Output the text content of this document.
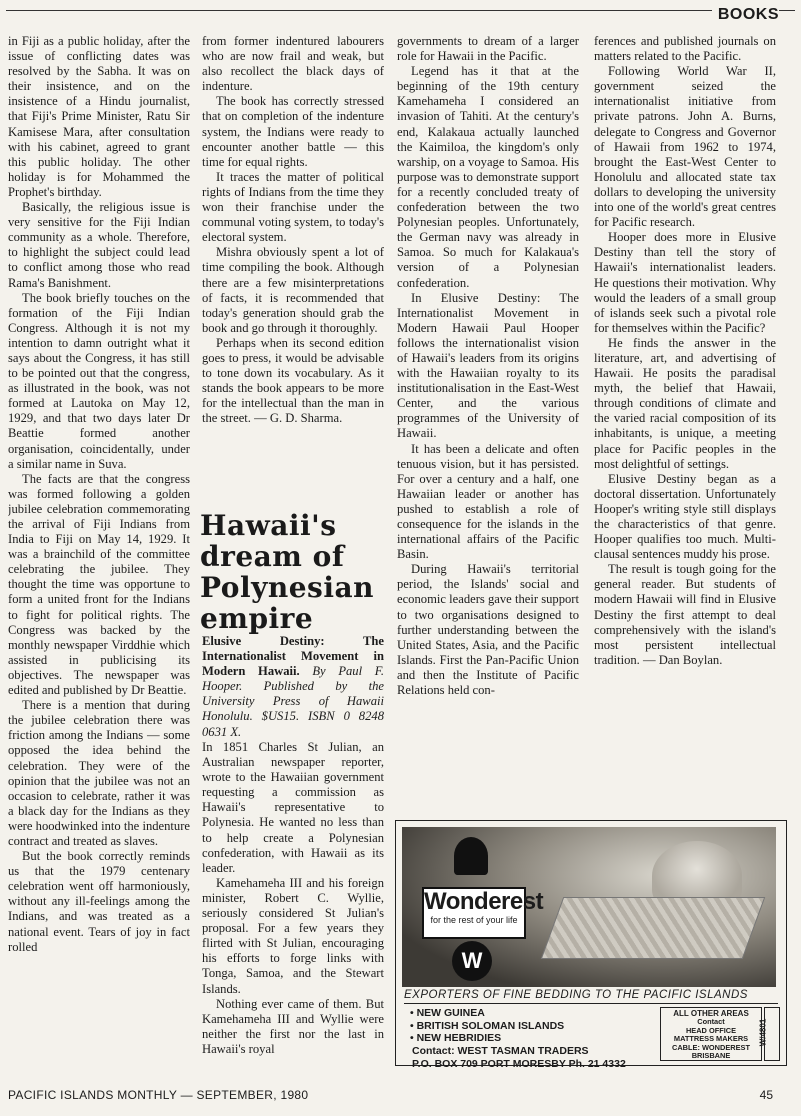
BOOKS

in Fiji as a public holiday, after the issue of conflicting dates was resolved by the Sabha. It was on their insistence, and on the insistence of a Hindu journalist, that Fiji's Prime Minister, Ratu Sir Kamisese Mara, after consultation with his cabinet, agreed to grant this public holiday. The other holiday is for Mohammed the Prophet's birthday.

Basically, the religious issue is very sensitive for the Fiji Indian community as a whole. Therefore, to highlight the subject could lead to conflict among those who read Rama's Banishment.

The book briefly touches on the formation of the Fiji Indian Congress. Although it is not my intention to damn outright what it says about the Congress, it has still to be pointed out that the congress, as illustrated in the book, was not formed at Lautoka on May 12, 1929, and that two days later Dr Beattie formed another organisation, coincidentally, under a similar name in Suva.

The facts are that the congress was formed following a golden jubilee celebration commemorating the arrival of Fiji Indians from India to Fiji on May 14, 1929. It was a brainchild of the committee celebrating the jubilee. They thought the time was opportune to form a united front for the Indians to fight for political rights. The Congress was backed by the monthly newspaper Virddhie which assisted in publicising its objectives. The newspaper was edited and published by Dr Beattie.

There is a mention that during the jubilee celebration there was friction among the Indians — some opposed the idea behind the celebration. They were of the opinion that the jubilee was not an occasion to celebrate, rather it was a black day for the Indians as they were hoodwinked into the indenture contract and treated as slaves.

But the book correctly reminds us that the 1979 centenary celebration went off harmoniously, without any ill-feelings among the Indians, and was treated as a national event. Tears of joy in fact rolled

from former indentured labourers who are now frail and weak, but also recollect the black days of indenture.

The book has correctly stressed that on completion of the indenture system, the Indians were ready to encounter another battle — this time for equal rights.

It traces the matter of political rights of Indians from the time they won their franchise under the communal voting system, to today's electoral system.

Mishra obviously spent a lot of time compiling the book. Although there are a few misinterpretations of facts, it is recommended that today's generation should grab the book and go through it thoroughly.

Perhaps when its second edition goes to press, it would be advisable to tone down its vocabulary. As it stands the book appears to be more for the intellectual than the man in the street. — G. D. Sharma.

Hawaii's dream of Polynesian empire

Elusive Destiny: The Internationalist Movement in Modern Hawaii. By Paul F. Hooper. Published by the University Press of Hawaii Honolulu. $US15. ISBN 0 8248 0631 X.

In 1851 Charles St Julian, an Australian newspaper reporter, wrote to the Hawaiian government requesting a commission as Hawaii's representative to Polynesia. He wanted no less than to help create a Polynesian confederation, with Hawaii as its leader.

Kamehameha III and his foreign minister, Robert C. Wyllie, seriously considered St Julian's proposal. For a few years they flirted with St Julian, encouraging his efforts to forge links with Tonga, Samoa, and the Stewart Islands.

Nothing ever came of them. But Kamehameha III and Wyllie were neither the first nor the last in Hawaii's royal

governments to dream of a larger role for Hawaii in the Pacific.

Legend has it that at the beginning of the 19th century Kamehameha I considered an invasion of Tahiti. At the century's end, Kalakaua actually launched the Kaimiloa, the kingdom's only warship, on a voyage to Samoa. His purpose was to demonstrate support for a recently concluded treaty of confederation between the two Polynesian peoples. Unfortunately, the German navy was already in Samoa. So much for Kalakaua's version of a Polynesian confederation.

In Elusive Destiny: The Internationalist Movement in Modern Hawaii Paul Hooper follows the internationalist vision of Hawaii's leaders from its origins with the Hawaiian royalty to its institutionalisation in the East-West Center, and the various programmes of the University of Hawaii.

It has been a delicate and often tenuous vision, but it has persisted. For over a century and a half, one Hawaiian leader or another has pushed to establish a role of consequence for the islands in the international affairs of the Pacific Basin.

During Hawaii's territorial period, the Islands' social and economic leaders gave their support to two organisations designed to further understanding between the United States, Asia, and the Pacific Islands. First the Pan-Pacific Union and then the Institute of Pacific Relations held con-

ferences and published journals on matters related to the Pacific.

Following World War II, government seized the internationalist initiative from private patrons. John A. Burns, delegate to Congress and Governor of Hawaii from 1962 to 1974, brought the East-West Center to Honolulu and allocated state tax dollars to developing the university into one of the world's great centres for Pacific research.

Hooper does more in Elusive Destiny than tell the story of Hawaii's internationalist leaders. He questions their motivation. Why would the leaders of a small group of islands seek such a pivotal role for themselves within the Pacific?

He finds the answer in the literature, art, and advertising of Hawaii. He posits the paradisal myth, the belief that Hawaii, through conditions of climate and the varied racial composition of its inhabitants, is unique, a meeting place for Pacific peoples in the most delightful of settings.

Elusive Destiny began as a doctoral dissertation. Unfortunately Hooper's writing style still displays the characteristics of that genre. Hooper qualifies too much. Multi-clausal sentences muddy his prose.

The result is tough going for the general reader. But students of modern Hawaii will find in Elusive Destiny the first attempt to deal comprehensively with the island's most persistent intellectual tradition. — Dan Boylan.

Wonderest
for the rest of your life
W
EXPORTERS OF FINE BEDDING TO THE PACIFIC ISLANDS
• NEW GUINEA
• BRITISH SOLOMAN ISLANDS
• NEW HEBRIDIES
Contact: WEST TASMAN TRADERS
P.O. BOX 709 PORT MORESBY Ph. 21 4332
ALL OTHER AREAS
Contact
HEAD OFFICE
MATTRESS MAKERS
CABLE: WONDEREST
BRISBANE
W/4801
PACIFIC ISLANDS MONTHLY — SEPTEMBER, 1980	45
